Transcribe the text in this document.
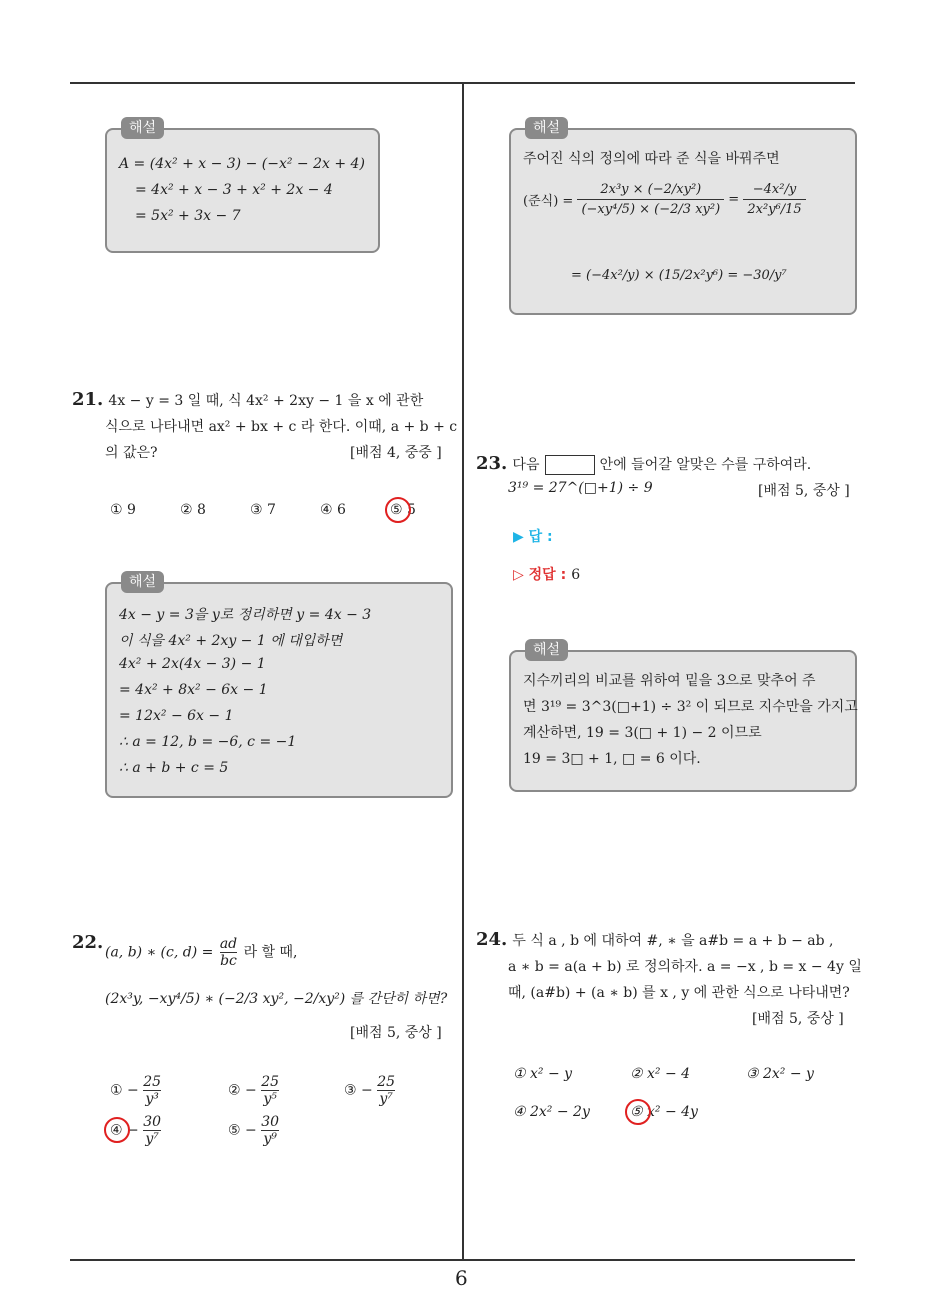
6
해설
A = (4x² + x − 3) − (−x² − 2x + 4)
= 4x² + x − 3 + x² + 2x − 4
= 5x² + 3x − 7
21. 4x − y = 3 일 때, 식 4x² + 2xy − 1 을 x 에 관한
식으로 나타내면 ax² + bx + c 라 한다. 이때, a + b + c
의 값은?	[배점 4, 중중 ]
① 9	② 8	③ 7	④ 6	⑤ 5
해설
4x − y = 3을 y로 정리하면 y = 4x − 3
이 식을 4x² + 2xy − 1 에 대입하면
4x² + 2x(4x − 3) − 1
= 4x² + 8x² − 6x − 1
= 12x² − 6x − 1
∴ a = 12, b = −6, c = −1
∴ a + b + c = 5
22. (a, b) ∗ (c, $d) = \frac{ad}{bc}$ 라 할 때,
(2x³y, −xy⁴/5) ∗ (−2/3 xy², −2/xy²) 를 간단히 하면?
[배점 5, 중상 ]
① − $\frac{25}{\text{y³}}$	② − $\frac{25}{\text{y⁵}}$	③ − $\frac{25}{\text{y⁷}}$
④ − $\frac{30}{\text{y⁷}}$	⑤ − $\frac{30}{\text{y⁹}}$
해설
주어진 식의 정의에 따라 준 식을 바꿔주면
(준식) = $\frac{\text{2x³y × (−2/xy²)}}{\text{(−xy⁴/5) × (−2/3 xy²)}} = \frac{\text{−4x²/y}}{\text{2x²y⁶/15}}$
= (−4x²/y) × (15/2x²y⁶) = −30/y⁷
23. 다음	안에 들어갈 알맞은 수를 구하여라.
3¹⁹ = 27^(□+1) ÷ 9	[배점 5, 중상 ]
▶ 답 :
▷ 정답 : 6
해설
지수끼리의 비교를 위하여 밑을 3으로 맞추어 주
면 3¹⁹ = 3^3(□+1) ÷ 3² 이 되므로 지수만을 가지고
계산하면, 19 = 3(□ + 1) − 2 이므로
19 = 3□ + 1, □ = 6 이다.
24. 두 식 a , b 에 대하여 #, ∗ 을 a#b = a + b − ab ,
a ∗ b = a(a + b) 로 정의하자. a = −x , b = x − 4y 일
때, (a#b) + (a ∗ b) 를 x , y 에 관한 식으로 나타내면?
[배점 5, 중상 ]
① x² − y	② x² − 4	③ 2x² − y
④ 2x² − 2y	⑤ x² − 4y
